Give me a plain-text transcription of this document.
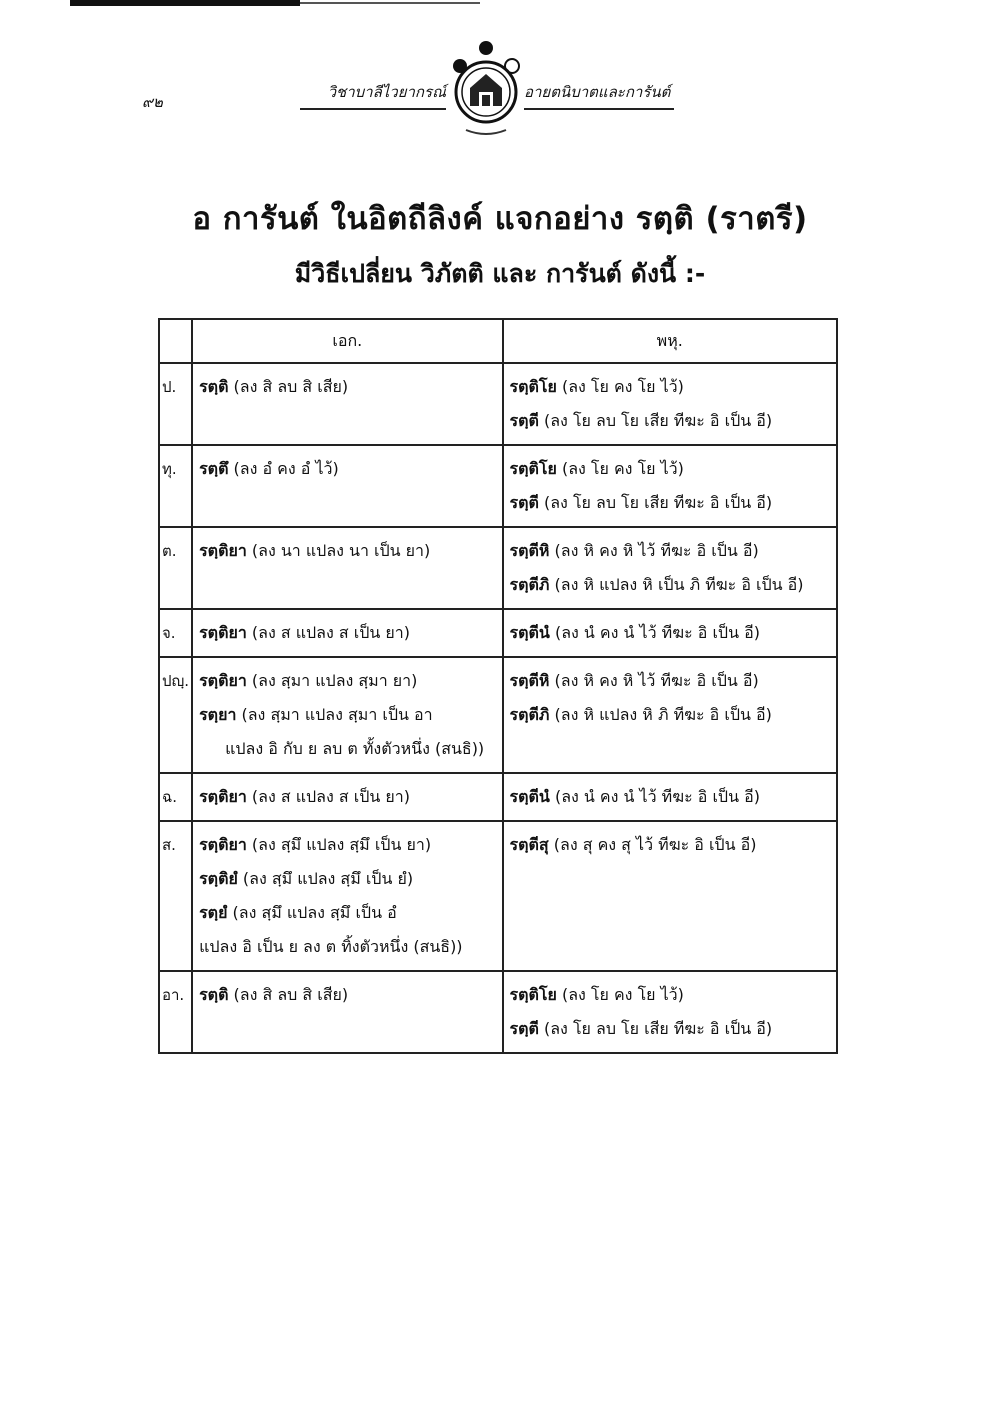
๙๒
วิชาบาลีไวยากรณ์	อายตนิบาตและการันต์
อ การันต์ ในอิตถีลิงค์ แจกอย่าง รตฺติ (ราตรี)
มีวิธีเปลี่ยน วิภัตติ และ การันต์ ดังนี้ :-
	เอก.	พหุ.
ป.	รตฺติ (ลง สิ ลบ สิ เสีย)	รตฺติโย (ลง โย คง โย ไว้)
รตฺตี (ลง โย ลบ โย เสีย ทีฆะ อิ เป็น อี)

ทุ.	รตฺตึ (ลง อํ คง อํ ไว้)	รตฺติโย (ลง โย คง โย ไว้)
รตฺตี (ลง โย ลบ โย เสีย ทีฆะ อิ เป็น อี)

ต.	รตฺติยา (ลง นา แปลง นา เป็น ยา)	รตฺตีหิ (ลง หิ คง หิ ไว้ ทีฆะ อิ เป็น อี)
รตฺตีภิ (ลง หิ แปลง หิ เป็น ภิ ทีฆะ อิ เป็น อี)

จ.	รตฺติยา (ลง ส แปลง ส เป็น ยา)	รตฺตีนํ (ลง นํ คง นํ ไว้ ทีฆะ อิ เป็น อี)

ปญฺ.	รตฺติยา (ลง สฺมา แปลง สฺมา ยา)
รตฺยา (ลง สฺมา แปลง สฺมา เป็น อา
แปลง อิ กับ ย ลบ ต ทั้งตัวหนึ่ง (สนธิ))	รตฺตีหิ (ลง หิ คง หิ ไว้ ทีฆะ อิ เป็น อี)
รตฺตีภิ (ลง หิ แปลง หิ ภิ ทีฆะ อิ เป็น อี)

ฉ.	รตฺติยา (ลง ส แปลง ส เป็น ยา)	รตฺตีนํ (ลง นํ คง นํ ไว้ ทีฆะ อิ เป็น อี)

ส.	รตฺติยา (ลง สฺมึ แปลง สฺมึ เป็น ยา)
รตฺติยํ (ลง สฺมึ แปลง สฺมึ เป็น ยํ)
รตฺยํ (ลง สฺมึ แปลง สฺมึ เป็น อํ
แปลง อิ เป็น ย ลง ต ทิ้งตัวหนึ่ง (สนธิ))	รตฺตีสุ (ลง สุ คง สุ ไว้ ทีฆะ อิ เป็น อี)

อา.	รตฺติ (ลง สิ ลบ สิ เสีย)	รตฺติโย (ลง โย คง โย ไว้)
รตฺตี (ลง โย ลบ โย เสีย ทีฆะ อิ เป็น อี)
